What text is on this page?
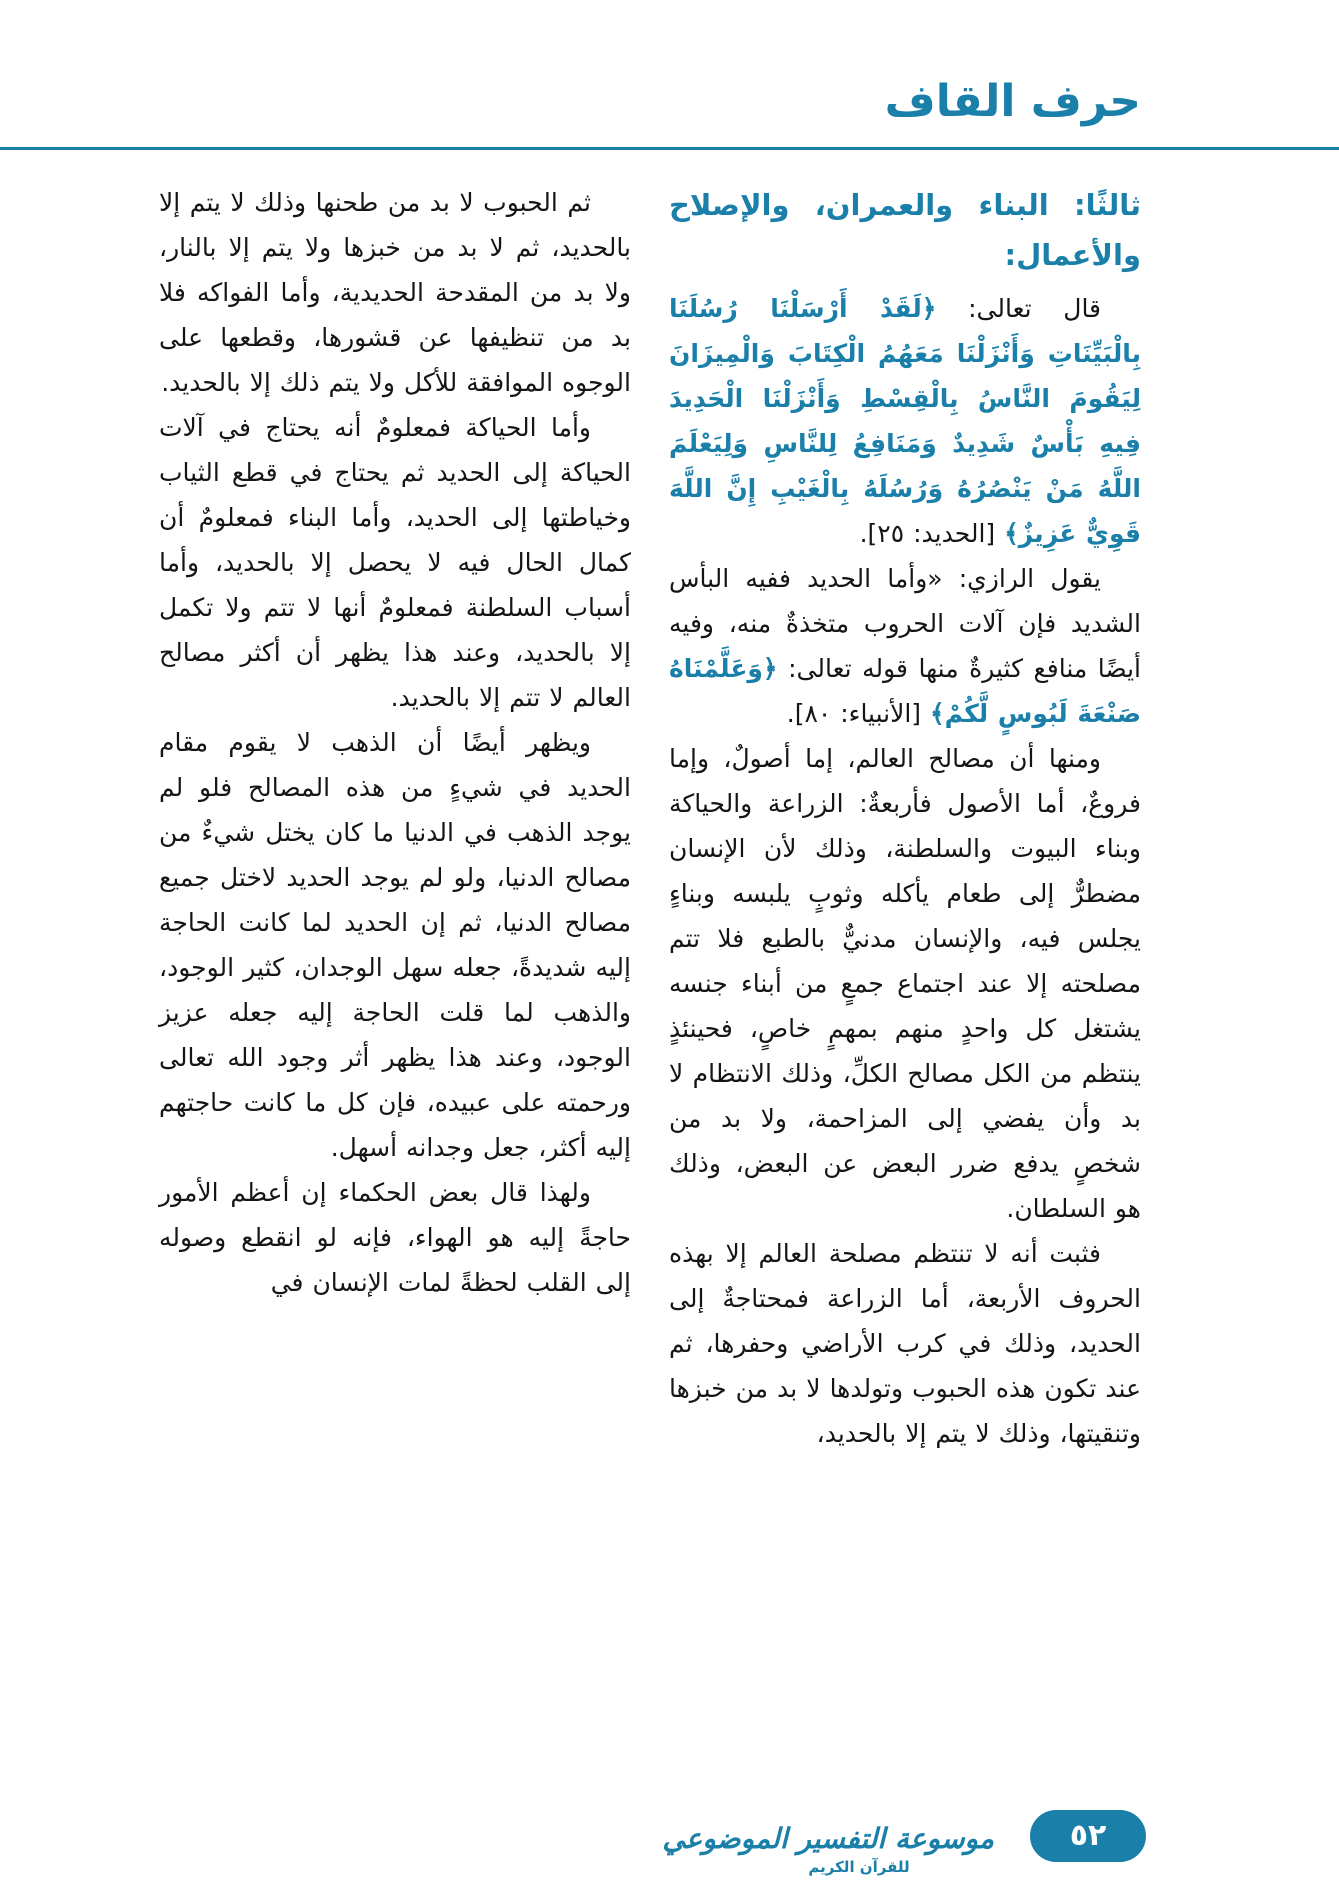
حرف القاف
ثالثًا: البناء والعمران، والإصلاح والأعمال:

قال تعالى: ﴿لَقَدْ أَرْسَلْنَا رُسُلَنَا بِالْبَيِّنَاتِ وَأَنْزَلْنَا مَعَهُمُ الْكِتَابَ وَالْمِيزَانَ لِيَقُومَ النَّاسُ بِالْقِسْطِ وَأَنْزَلْنَا الْحَدِيدَ فِيهِ بَأْسٌ شَدِيدٌ وَمَنَافِعُ لِلنَّاسِ وَلِيَعْلَمَ اللَّهُ مَنْ يَنْصُرُهُ وَرُسُلَهُ بِالْغَيْبِ إِنَّ اللَّهَ قَوِيٌّ عَزِيزٌ﴾ [الحديد: ٢٥].

يقول الرازي: «وأما الحديد ففيه البأس الشديد فإن آلات الحروب متخذةٌ منه، وفيه أيضًا منافع كثيرةٌ منها قوله تعالى: ﴿وَعَلَّمْنَاهُ صَنْعَةَ لَبُوسٍ لَّكُمْ﴾ [الأنبياء: ٨٠].

ومنها أن مصالح العالم، إما أصولٌ، وإما فروعٌ، أما الأصول فأربعةٌ: الزراعة والحياكة وبناء البيوت والسلطنة، وذلك لأن الإنسان مضطرٌّ إلى طعام يأكله وثوبٍ يلبسه وبناءٍ يجلس فيه، والإنسان مدنيٌّ بالطبع فلا تتم مصلحته إلا عند اجتماع جمعٍ من أبناء جنسه يشتغل كل واحدٍ منهم بمهمٍ خاصٍ، فحينئذٍ ينتظم من الكل مصالح الكلِّ، وذلك الانتظام لا بد وأن يفضي إلى المزاحمة، ولا بد من شخصٍ يدفع ضرر البعض عن البعض، وذلك هو السلطان.

فثبت أنه لا تنتظم مصلحة العالم إلا بهذه الحروف الأربعة، أما الزراعة فمحتاجةٌ إلى الحديد، وذلك في كرب الأراضي وحفرها، ثم عند تكون هذه الحبوب وتولدها لا بد من خبزها وتنقيتها، وذلك لا يتم إلا بالحديد،

ثم الحبوب لا بد من طحنها وذلك لا يتم إلا بالحديد، ثم لا بد من خبزها ولا يتم إلا بالنار، ولا بد من المقدحة الحديدية، وأما الفواكه فلا بد من تنظيفها عن قشورها، وقطعها على الوجوه الموافقة للأكل ولا يتم ذلك إلا بالحديد.

وأما الحياكة فمعلومٌ أنه يحتاج في آلات الحياكة إلى الحديد ثم يحتاج في قطع الثياب وخياطتها إلى الحديد، وأما البناء فمعلومٌ أن كمال الحال فيه لا يحصل إلا بالحديد، وأما أسباب السلطنة فمعلومٌ أنها لا تتم ولا تكمل إلا بالحديد، وعند هذا يظهر أن أكثر مصالح العالم لا تتم إلا بالحديد.

ويظهر أيضًا أن الذهب لا يقوم مقام الحديد في شيءٍ من هذه المصالح فلو لم يوجد الذهب في الدنيا ما كان يختل شيءٌ من مصالح الدنيا، ولو لم يوجد الحديد لاختل جميع مصالح الدنيا، ثم إن الحديد لما كانت الحاجة إليه شديدةً، جعله سهل الوجدان، كثير الوجود، والذهب لما قلت الحاجة إليه جعله عزيز الوجود، وعند هذا يظهر أثر وجود الله تعالى ورحمته على عبيده، فإن كل ما كانت حاجتهم إليه أكثر، جعل وجدانه أسهل.

ولهذا قال بعض الحكماء إن أعظم الأمور حاجةً إليه هو الهواء، فإنه لو انقطع وصوله إلى القلب لحظةً لمات الإنسان في

موسوعة التفسير الموضوعي
للقرآن الكريم
٥٢
